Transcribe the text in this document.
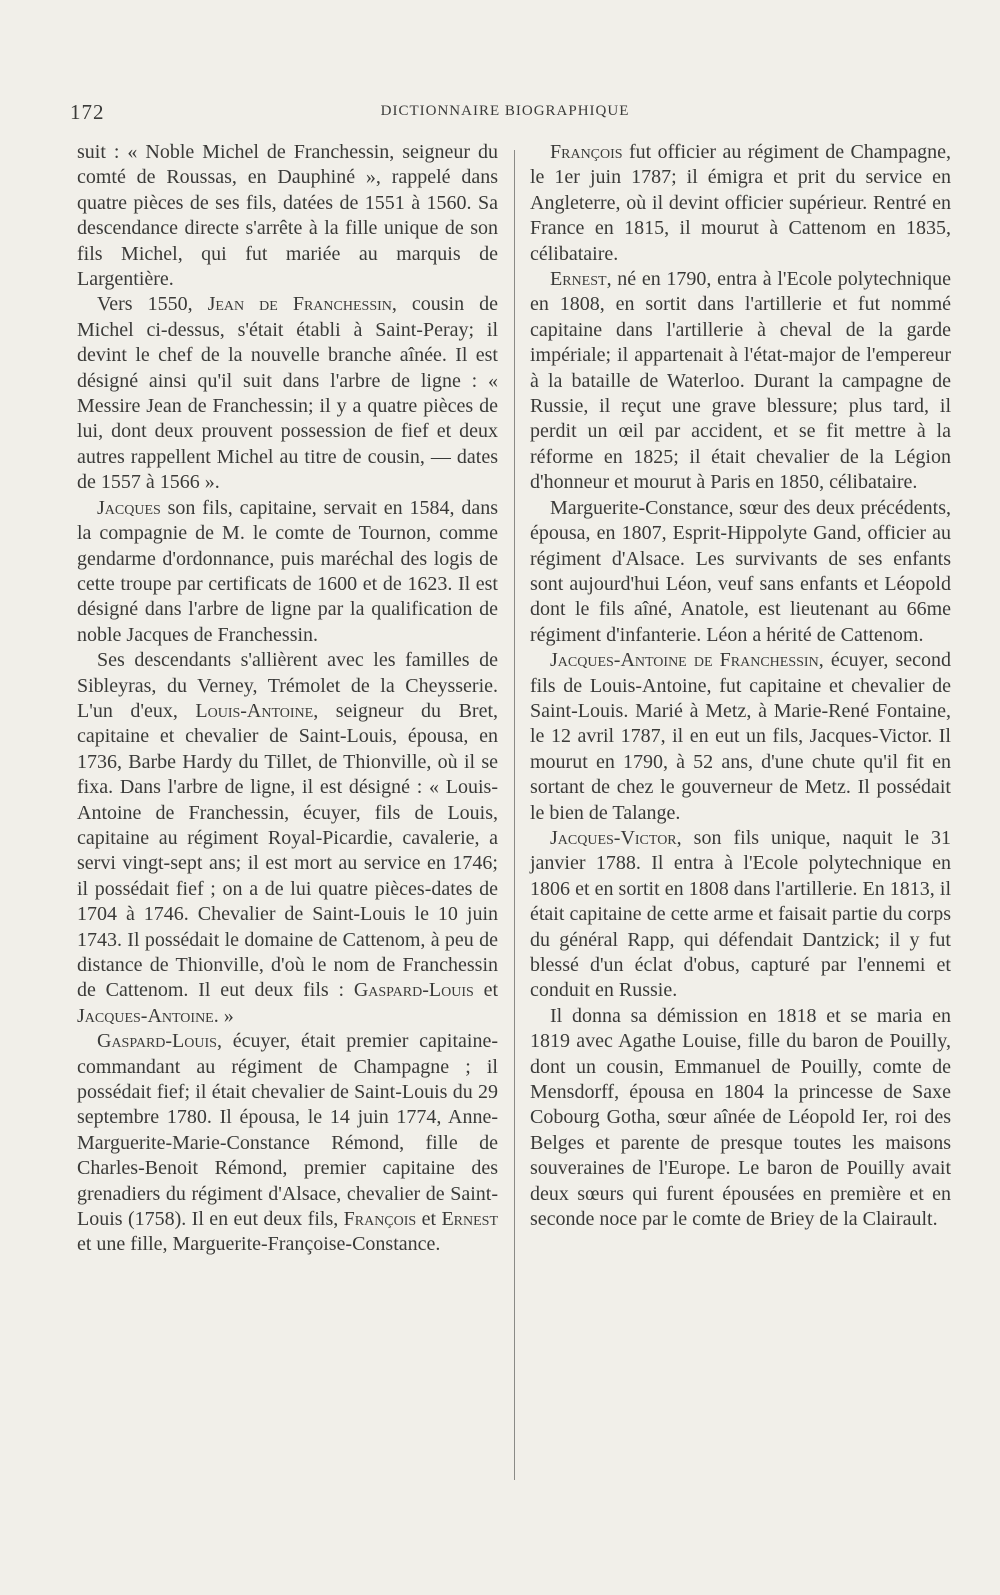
172	DICTIONNAIRE BIOGRAPHIQUE

suit : « Noble Michel de Franchessin, seigneur du comté de Roussas, en Dauphiné », rappelé dans quatre pièces de ses fils, datées de 1551 à 1560. Sa descendance directe s'arrête à la fille unique de son fils Michel, qui fut mariée au marquis de Largentière.

Vers 1550, Jean de Franchessin, cousin de Michel ci-dessus, s'était établi à Saint-Peray; il devint le chef de la nouvelle branche aînée. Il est désigné ainsi qu'il suit dans l'arbre de ligne : « Messire Jean de Franchessin; il y a quatre pièces de lui, dont deux prouvent possession de fief et deux autres rappellent Michel au titre de cousin, — dates de 1557 à 1566 ».

Jacques son fils, capitaine, servait en 1584, dans la compagnie de M. le comte de Tournon, comme gendarme d'ordonnance, puis maréchal des logis de cette troupe par certificats de 1600 et de 1623. Il est désigné dans l'arbre de ligne par la qualification de noble Jacques de Franchessin.

Ses descendants s'allièrent avec les familles de Sibleyras, du Verney, Trémolet de la Cheysserie. L'un d'eux, Louis-Antoine, seigneur du Bret, capitaine et chevalier de Saint-Louis, épousa, en 1736, Barbe Hardy du Tillet, de Thionville, où il se fixa. Dans l'arbre de ligne, il est désigné : « Louis-Antoine de Franchessin, écuyer, fils de Louis, capitaine au régiment Royal-Picardie, cavalerie, a servi vingt-sept ans; il est mort au service en 1746; il possédait fief ; on a de lui quatre pièces-dates de 1704 à 1746. Chevalier de Saint-Louis le 10 juin 1743. Il possédait le domaine de Cattenom, à peu de distance de Thionville, d'où le nom de Franchessin de Cattenom. Il eut deux fils : Gaspard-Louis et Jacques-Antoine. »

Gaspard-Louis, écuyer, était premier capitaine-commandant au régiment de Champagne ; il possédait fief; il était chevalier de Saint-Louis du 29 septembre 1780. Il épousa, le 14 juin 1774, Anne-Marguerite-Marie-Constance Rémond, fille de Charles-Benoit Rémond, premier capitaine des grenadiers du régiment d'Alsace, chevalier de Saint-Louis (1758). Il en eut deux fils, François et Ernest et une fille, Marguerite-Françoise-Constance.

François fut officier au régiment de Champagne, le 1er juin 1787; il émigra et prit du service en Angleterre, où il devint officier supérieur. Rentré en France en 1815, il mourut à Cattenom en 1835, célibataire.

Ernest, né en 1790, entra à l'Ecole polytechnique en 1808, en sortit dans l'artillerie et fut nommé capitaine dans l'artillerie à cheval de la garde impériale; il appartenait à l'état-major de l'empereur à la bataille de Waterloo. Durant la campagne de Russie, il reçut une grave blessure; plus tard, il perdit un œil par accident, et se fit mettre à la réforme en 1825; il était chevalier de la Légion d'honneur et mourut à Paris en 1850, célibataire.

Marguerite-Constance, sœur des deux précédents, épousa, en 1807, Esprit-Hippolyte Gand, officier au régiment d'Alsace. Les survivants de ses enfants sont aujourd'hui Léon, veuf sans enfants et Léopold dont le fils aîné, Anatole, est lieutenant au 66me régiment d'infanterie. Léon a hérité de Cattenom.

Jacques-Antoine de Franchessin, écuyer, second fils de Louis-Antoine, fut capitaine et chevalier de Saint-Louis. Marié à Metz, à Marie-René Fontaine, le 12 avril 1787, il en eut un fils, Jacques-Victor. Il mourut en 1790, à 52 ans, d'une chute qu'il fit en sortant de chez le gouverneur de Metz. Il possédait le bien de Talange.

Jacques-Victor, son fils unique, naquit le 31 janvier 1788. Il entra à l'Ecole polytechnique en 1806 et en sortit en 1808 dans l'artillerie. En 1813, il était capitaine de cette arme et faisait partie du corps du général Rapp, qui défendait Dantzick; il y fut blessé d'un éclat d'obus, capturé par l'ennemi et conduit en Russie.

Il donna sa démission en 1818 et se maria en 1819 avec Agathe Louise, fille du baron de Pouilly, dont un cousin, Emmanuel de Pouilly, comte de Mensdorff, épousa en 1804 la princesse de Saxe Cobourg Gotha, sœur aînée de Léopold Ier, roi des Belges et parente de presque toutes les maisons souveraines de l'Europe. Le baron de Pouilly avait deux sœurs qui furent épousées en première et en seconde noce par le comte de Briey de la Clairault.
